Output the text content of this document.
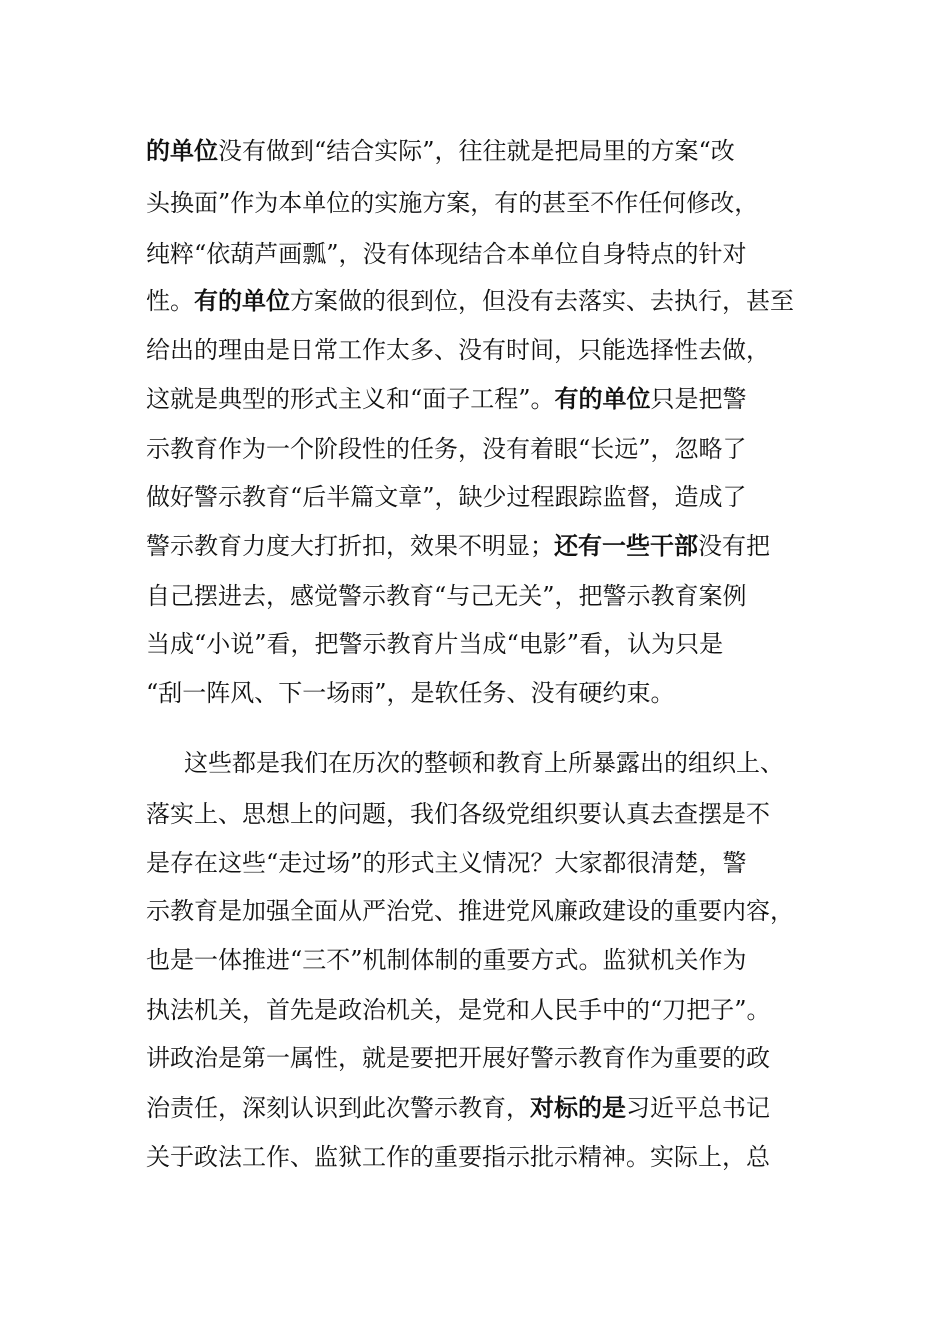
的单位没有做到“结合实际”，往往就是把局里的方案“改
头换面”作为本单位的实施方案，有的甚至不作任何修改，
纯粹“依葫芦画瓢”，没有体现结合本单位自身特点的针对
性。有的单位方案做的很到位，但没有去落实、去执行，甚至
给出的理由是日常工作太多、没有时间，只能选择性去做，
这就是典型的形式主义和“面子工程”。有的单位只是把警
示教育作为一个阶段性的任务，没有着眼“长远”，忽略了
做好警示教育“后半篇文章”，缺少过程跟踪监督，造成了
警示教育力度大打折扣，效果不明显；还有一些干部没有把
自己摆进去，感觉警示教育“与己无关”，把警示教育案例
当成“小说”看，把警示教育片当成“电影”看，认为只是
“刮一阵风、下一场雨”，是软任务、没有硬约束。
这些都是我们在历次的整顿和教育上所暴露出的组织上、
落实上、思想上的问题，我们各级党组织要认真去查摆是不
是存在这些“走过场”的形式主义情况？大家都很清楚，警
示教育是加强全面从严治党、推进党风廉政建设的重要内容，
也是一体推进“三不”机制体制的重要方式。监狱机关作为
执法机关，首先是政治机关，是党和人民手中的“刀把子”。
讲政治是第一属性，就是要把开展好警示教育作为重要的政
治责任，深刻认识到此次警示教育，对标的是习近平总书记
关于政法工作、监狱工作的重要指示批示精神。实际上，总
